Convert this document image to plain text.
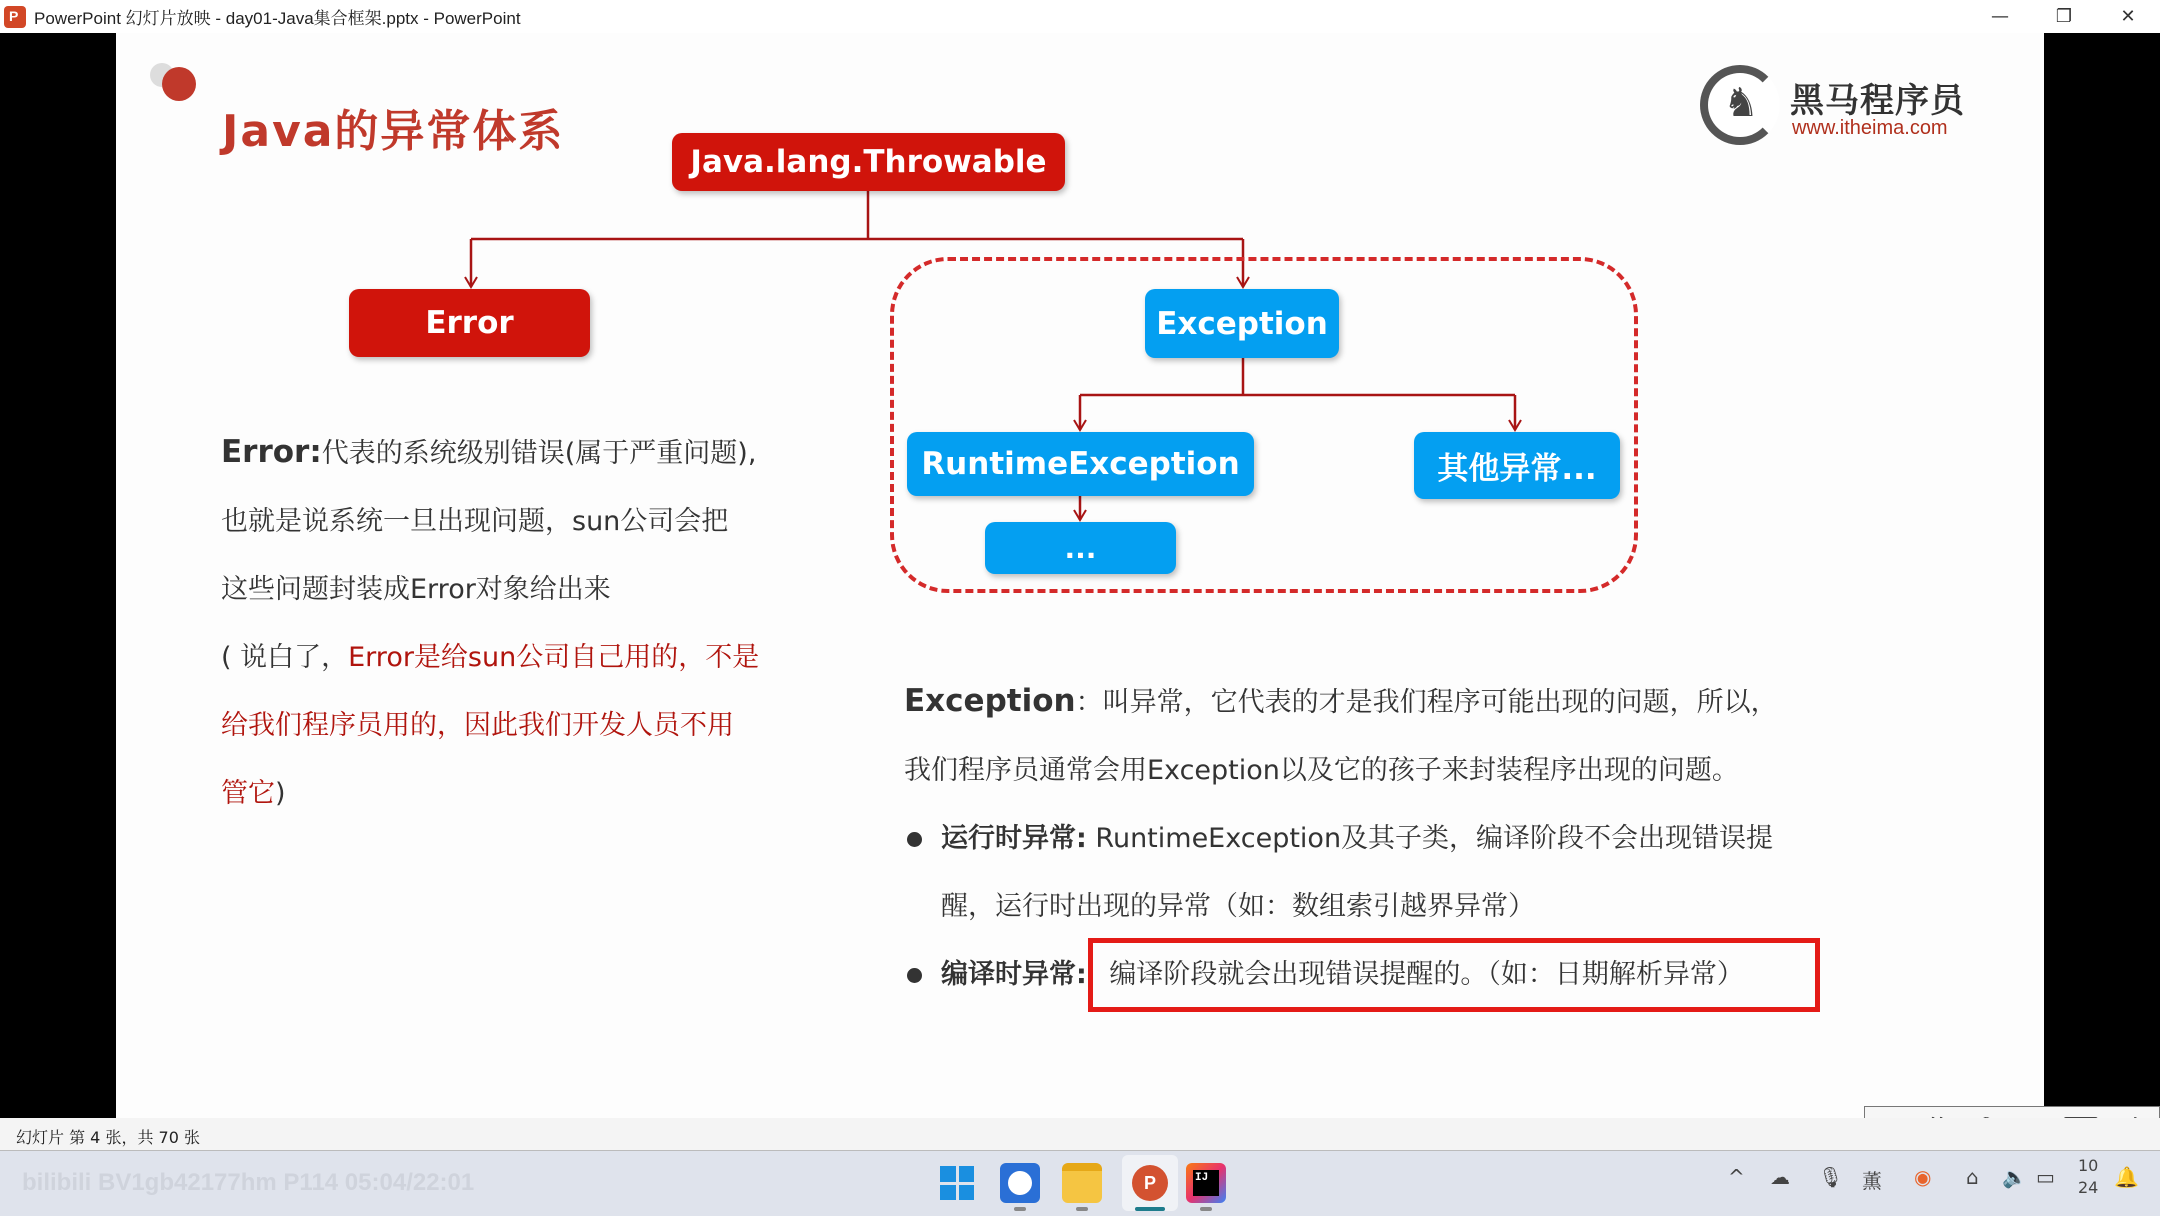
P
PowerPoint 幻灯片放映 - day01-Java集合框架.pptx - PowerPoint	—	❐	✕
Java的异常体系
♞ 黑马程序员
www.itheima.com
Java.lang.Throwable
Error	Exception
RuntimeException	其他异常...
...
Error:代表的系统级别错误(属于严重问题),
也就是说系统一旦出现问题，sun公司会把
这些问题封装成Error对象给出来
( 说白了，Error是给sun公司自己用的，不是
给我们程序员用的，因此我们开发人员不用
管它)
Exception：叫异常，它代表的才是我们程序可能出现的问题，所以，
我们程序员通常会用Exception以及它的孩子来封装程序出现的问题。
运行时异常: RuntimeException及其子类，编译阶段不会出现错误提
醒，运行时出现的异常（如：数组索引越界异常）
编译时异常: 编译阶段就会出现错误提醒的。（如：日期解析异常）
幻灯片 第 4 张，共 70 张
bilibili BV1gb42177hm P114 05:04/22:01	P	IJ	^ ☁ 🎙 薫 ◉ ⌂ 🔈 ▭ 10
24 🔔
